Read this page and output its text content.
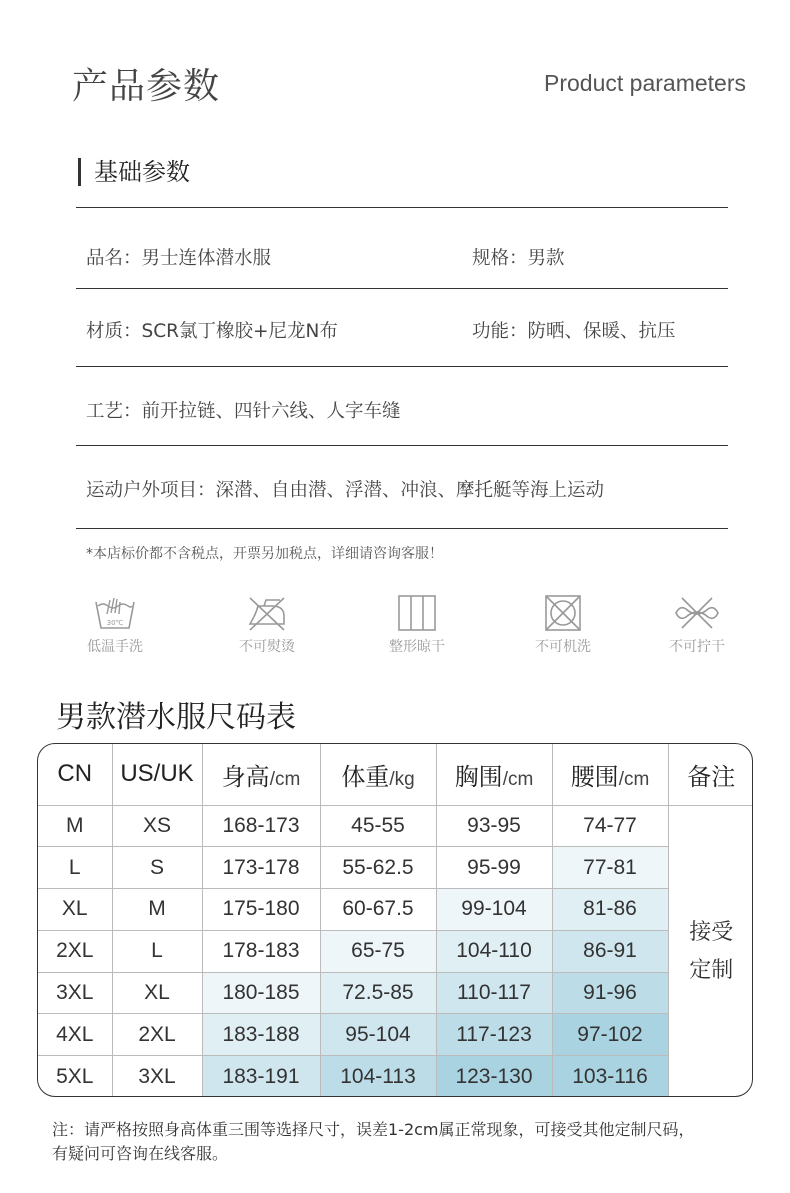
产品参数	Product parameters
基础参数
品名：男士连体潜水服	规格：男款
材质：SCR氯丁橡胶+尼龙N布	功能：防晒、保暖、抗压
工艺：前开拉链、四针六线、人字车缝
运动户外项目：深潜、自由潜、浮潜、冲浪、摩托艇等海上运动
*本店标价都不含税点，开票另加税点，详细请咨询客服！
30℃
低温手洗	不可熨烫	整形晾干	不可机洗	不可拧干
男款潜水服尺码表
CN	US/UK	身高/cm	体重/kg	胸围/cm	腰围/cm	备注
M	XS	168-173	45-55	93-95	74-77	接受
定制

L	S	173-178	55-62.5	95-99	77-81	
XL	M	175-180	60-67.5	99-104	81-86	
2XL	L	178-183	65-75	104-110	86-91	
3XL	XL	180-185	72.5-85	110-117	91-96	
4XL	2XL	183-188	95-104	117-123	97-102	
5XL	3XL	183-191	104-113	123-130	103-116	
注：请严格按照身高体重三围等选择尺寸，误差1-2cm属正常现象，可接受其他定制尺码，
有疑问可咨询在线客服。
